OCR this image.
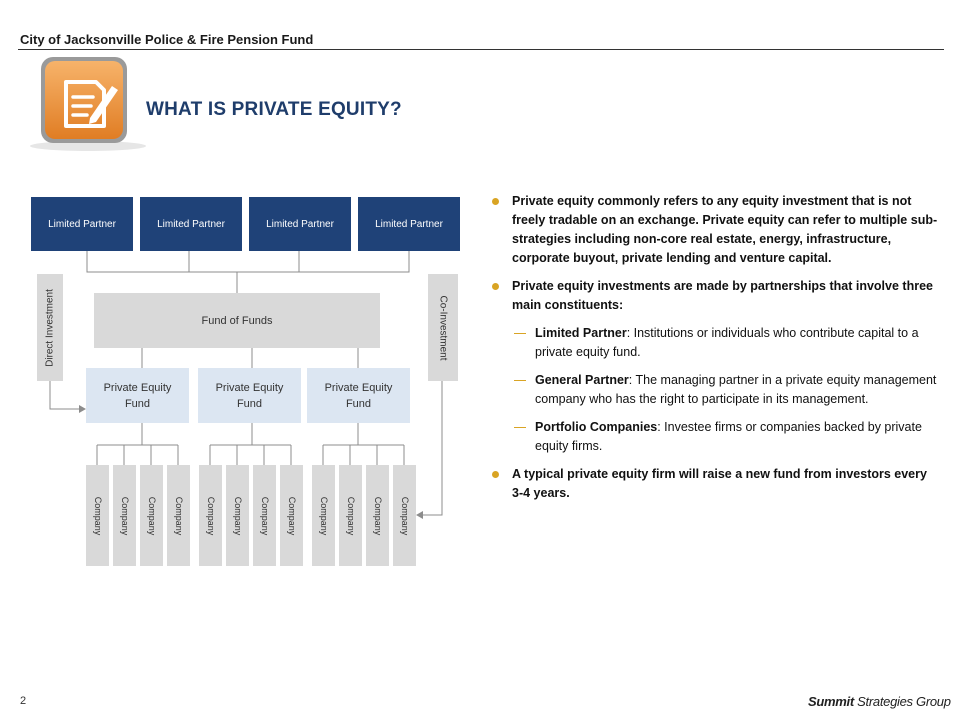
City of Jacksonville Police & Fire Pension Fund
WHAT IS PRIVATE EQUITY?
Limited Partner	Limited Partner	Limited Partner	Limited Partner
Direct Investment	Co-Investment
Fund of Funds
Private Equity Fund
Private Equity Fund
Private Equity Fund
Company Company Company Company Company Company Company Company Company Company Company Company
Private equity commonly refers to any equity investment that is not freely tradable on an exchange. Private equity can refer to multiple sub-strategies including non-core real estate, energy, infrastructure, corporate buyout, private lending and venture capital.
Private equity investments are made by partnerships that involve three main constituents:
Limited Partner: Institutions or individuals who contribute capital to a private equity fund.
General Partner: The managing partner in a private equity management company who has the right to participate in its management.
Portfolio Companies: Investee firms or companies backed by private equity firms.
A typical private equity firm will raise a new fund from investors every 3-4 years.
2	Summit Strategies Group
